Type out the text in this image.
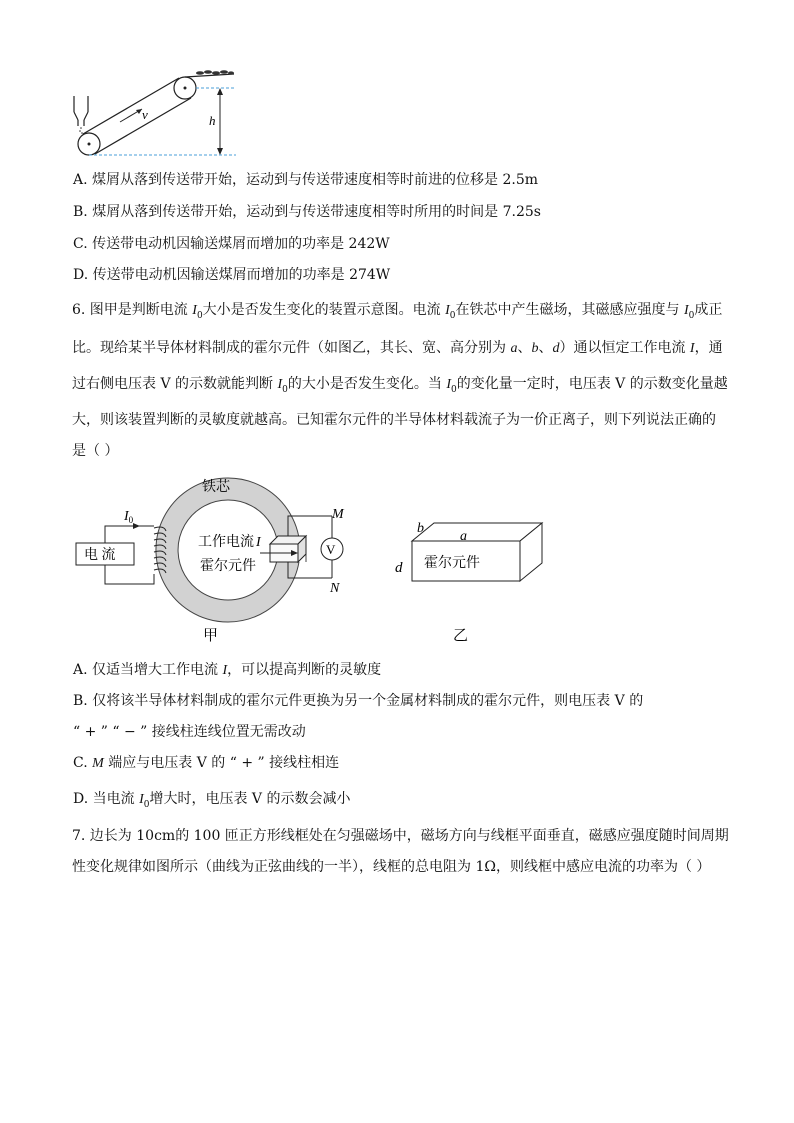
v	h
A. 煤屑从落到传送带开始，运动到与传送带速度相等时前进的位移是 2.5m
B. 煤屑从落到传送带开始，运动到与传送带速度相等时所用的时间是 7.25s
C. 传送带电动机因输送煤屑而增加的功率是 242W
D. 传送带电动机因输送煤屑而增加的功率是 274W
6. 图甲是判断电流 $I_0$大小是否发生变化的装置示意图。电流 $I_0$在铁芯中产生磁场，其磁感应强度与 $I_0$成正
比。现给某半导体材料制成的霍尔元件（如图乙，其长、宽、高分别为 a、b、d）通以恒定工作电流 I，通
过右侧电压表 V 的示数就能判断 $I_0$的大小是否发生变化。当 $I_0$的变化量一定时，电压表 V 的示数变化量越
大，则该装置判断的灵敏度就越高。已知霍尔元件的半导体材料载流子为一价正离子，则下列说法正确的
是（ ）
铁芯
电 流
$I_0$
工作电流 I
霍尔元件
V
M
N
甲
b
a
d 霍尔元件
乙
A. 仅适当增大工作电流 I，可以提高判断的灵敏度
B. 仅将该半导体材料制成的霍尔元件更换为另一个金属材料制成的霍尔元件，则电压表 V 的
“ + ” “ − ” 接线柱连线位置无需改动
C. M 端应与电压表 V 的 “ + ” 接线柱相连
D. 当电流 $I_0$增大时，电压表 V 的示数会减小
7. 边长为 10cm的 100 匝正方形线框处在匀强磁场中，磁场方向与线框平面垂直，磁感应强度随时间周期
性变化规律如图所示（曲线为正弦曲线的一半），线框的总电阻为 1Ω，则线框中感应电流的功率为（ ）
